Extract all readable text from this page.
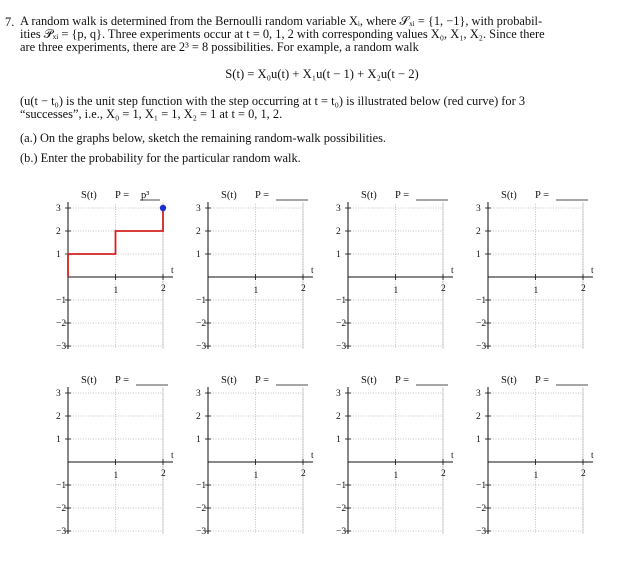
7. A random walk is determined from the Bernoulli random variable Xᵢ, where 𝒮ₓᵢ = {1, −1}, with probabil-
ities 𝒫ₓᵢ = {p, q}. Three experiments occur at t = 0, 1, 2 with corresponding values X₀, X₁, X₂. Since there
are three experiments, there are 2³ = 8 possibilities. For example, a random walk
S(t) = X₀u(t) + X₁u(t − 1) + X₂u(t − 2)
(u(t − t₀) is the unit step function with the step occurring at t = t₀) is illustrated below (red curve) for 3
“successes”, i.e., X₀ = 1, X₁ = 1, X₂ = 1 at t = 0, 1, 2.
(a.) On the graphs below, sketch the remaining random-walk possibilities.
(b.) Enter the probability for the particular random walk.
S(t) P = p³
3
2
1
−1
−2
−3
t
1	2
S(t) P =
3
2
1
−1
−2
−3
t
1	2
S(t) P =
3
2
1
−1
−2
−3
t
1	2
S(t) P =
3
2
1
−1
−2
−3
t
1	2
S(t) P =
3
2
1
−1
−2
−3
t
1	2
S(t) P =
3
2
1
−1
−2
−3
t
1	2
S(t) P =
3
2
1
−1
−2
−3
t
1	2
S(t) P =
3
2
1
−1
−2
−3
t
1	2
